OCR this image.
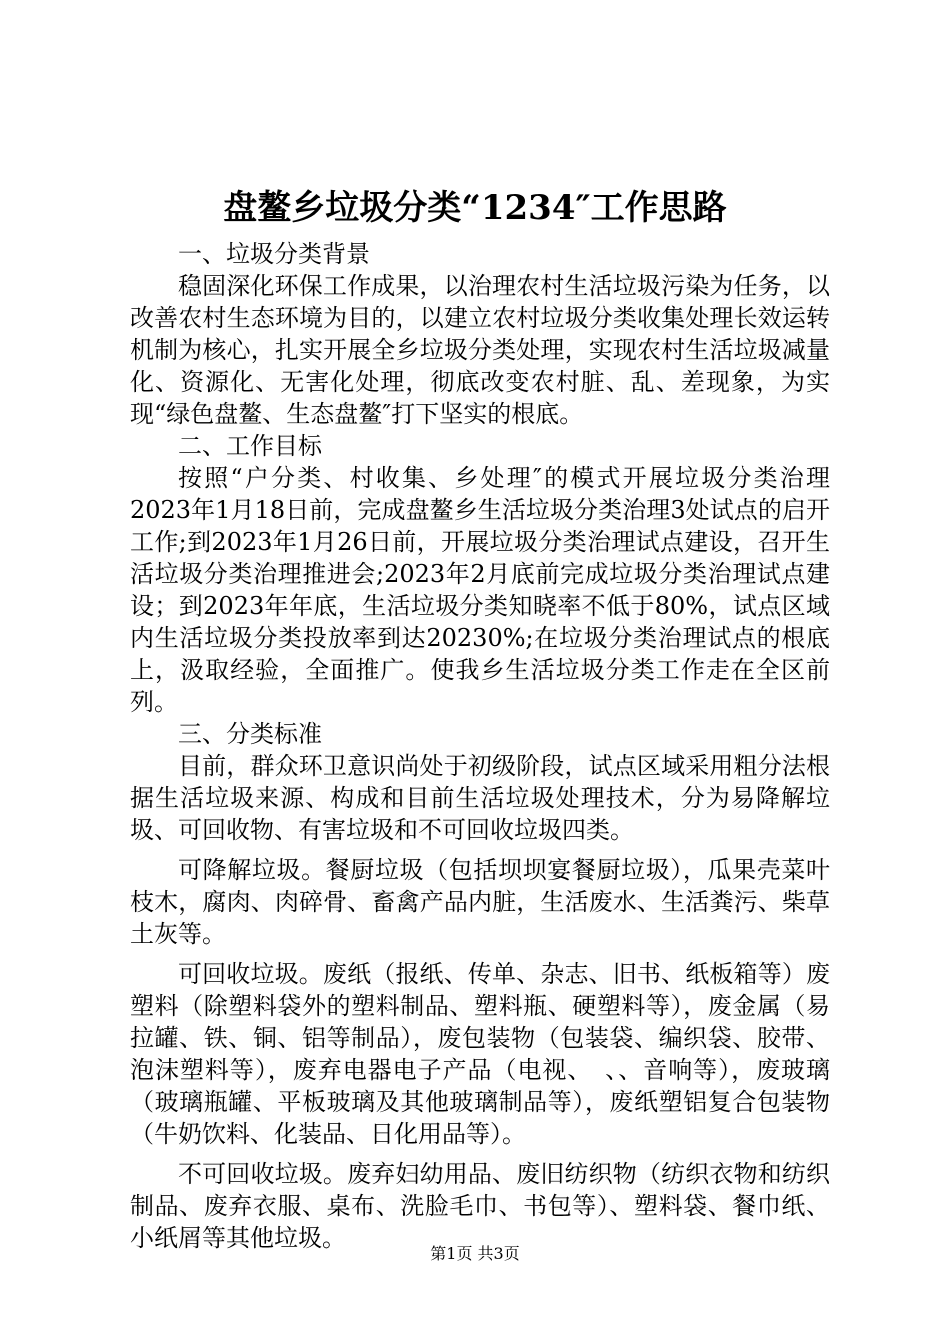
盘鳌乡垃圾分类“1234″工作思路

一、垃圾分类背景

稳固深化环保工作成果，以治理农村生活垃圾污染为任务，以改善农村生态环境为目的，以建立农村垃圾分类收集处理长效运转机制为核心，扎实开展全乡垃圾分类处理，实现农村生活垃圾减量化、资源化、无害化处理，彻底改变农村脏、乱、差现象，为实现“绿色盘鳌、生态盘鳌″打下坚实的根底。

二、工作目标

按照“户分类、村收集、乡处理″的模式开展垃圾分类治理2023年1月18日前，完成盘鳌乡生活垃圾分类治理3处试点的启开工作;到2023年1月26日前，开展垃圾分类治理试点建设，召开生活垃圾分类治理推进会;2023年2月底前完成垃圾分类治理试点建设；到2023年年底，生活垃圾分类知晓率不低于80%，试点区域内生活垃圾分类投放率到达20230%;在垃圾分类治理试点的根底上，汲取经验，全面推广。使我乡生活垃圾分类工作走在全区前列。

三、分类标准

目前，群众环卫意识尚处于初级阶段，试点区域采用粗分法根据生活垃圾来源、构成和目前生活垃圾处理技术，分为易降解垃圾、可回收物、有害垃圾和不可回收垃圾四类。

可降解垃圾。餐厨垃圾（包括坝坝宴餐厨垃圾），瓜果壳菜叶枝木，腐肉、肉碎骨、畜禽产品内脏，生活废水、生活粪污、柴草土灰等。

可回收垃圾。废纸（报纸、传单、杂志、旧书、纸板箱等）废塑料（除塑料袋外的塑料制品、塑料瓶、硬塑料等），废金属（易拉罐、铁、铜、铝等制品），废包装物（包装袋、编织袋、胶带、泡沫塑料等），废弃电器电子产品（电视、　、、音响等），废玻璃（玻璃瓶罐、平板玻璃及其他玻璃制品等），废纸塑铝复合包装物（牛奶饮料、化装品、日化用品等）。

不可回收垃圾。废弃妇幼用品、废旧纺织物（纺织衣物和纺织制品、废弃衣服、桌布、洗脸毛巾、书包等）、塑料袋、餐巾纸、小纸屑等其他垃圾。

第1页 共3页
